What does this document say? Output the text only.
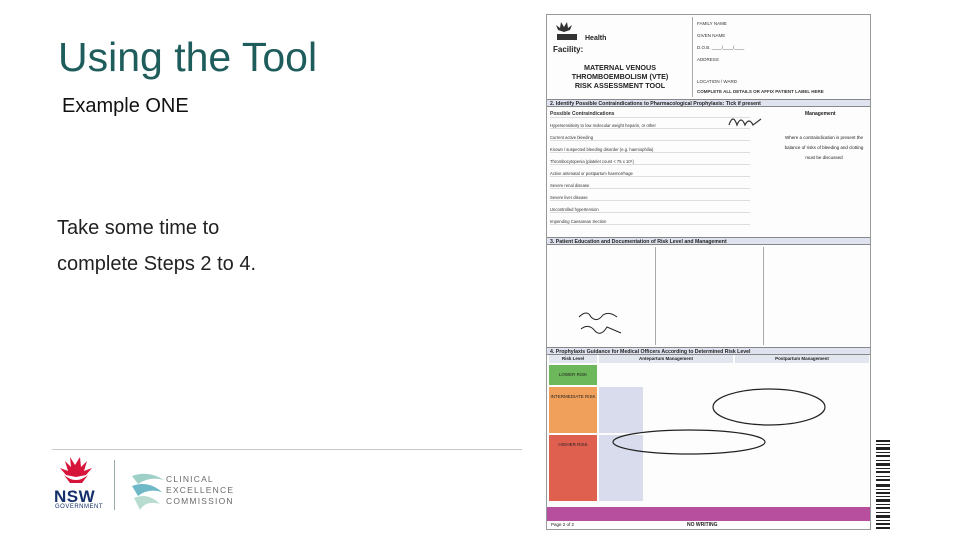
Using the Tool
Example ONE
Take some time to
complete Steps 2 to 4.
NSW
GOVERNMENT
CLINICAL
EXCELLENCE
COMMISSION
Health
Facility:
MATERNAL VENOUS
THROMBOEMBOLISM (VTE)
RISK ASSESSMENT TOOL
FAMILY NAME
GIVEN NAME
D.O.B. ____/____/____
ADDRESS
LOCATION / WARD
COMPLETE ALL DETAILS OR AFFIX PATIENT LABEL HERE
2. Identify Possible Contraindications to Pharmacological Prophylaxis: Tick if present
Possible Contraindications	Management
Hypersensitivity to low molecular weight heparin, or other
Current active bleeding
Known / suspected bleeding disorder (e.g. haemophilia)
Thrombocytopenia (platelet count < 75 x 10⁹)
Active antenatal or postpartum haemorrhage
Severe renal disease
Severe liver disease
Uncontrolled hypertension
Impending Caesarean Section
Where a contraindication is present the balance of risks of bleeding and clotting must be discussed
3. Patient Education and Documentation of Risk Level and Management
4. Prophylaxis Guidance for Medical Officers According to Determined Risk Level
Risk Level	Antepartum Management	Postpartum Management
LOWER RISK
INTERMEDIATE RISK
HIGHER RISK
Page 2 of 2	NO WRITING
